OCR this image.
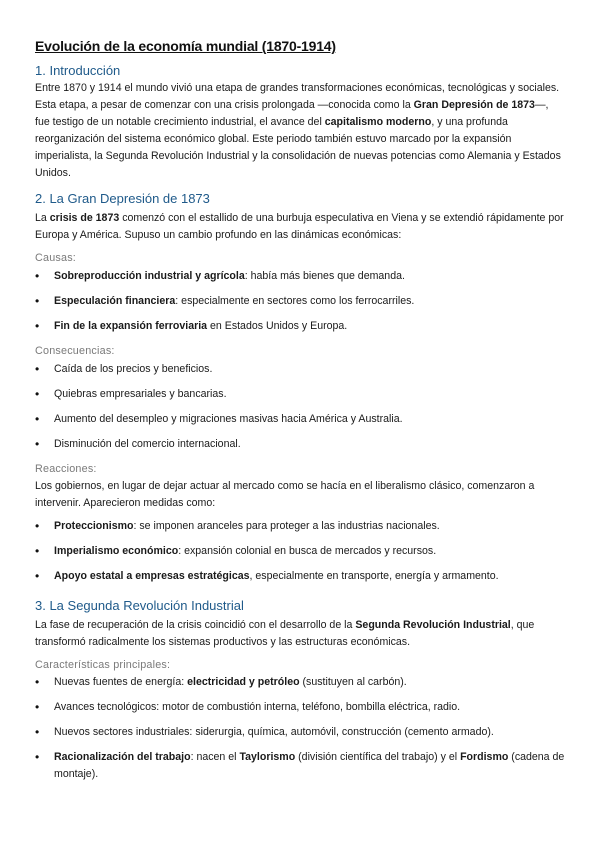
Evolución de la economía mundial (1870-1914)
1. Introducción

Entre 1870 y 1914 el mundo vivió una etapa de grandes transformaciones económicas, tecnológicas y sociales. Esta etapa, a pesar de comenzar con una crisis prolongada —conocida como la Gran Depresión de 1873—, fue testigo de un notable crecimiento industrial, el avance del capitalismo moderno, y una profunda reorganización del sistema económico global. Este periodo también estuvo marcado por la expansión imperialista, la Segunda Revolución Industrial y la consolidación de nuevas potencias como Alemania y Estados Unidos.

2. La Gran Depresión de 1873

La crisis de 1873 comenzó con el estallido de una burbuja especulativa en Viena y se extendió rápidamente por Europa y América. Supuso un cambio profundo en las dinámicas económicas:

Causas:
• Sobreproducción industrial y agrícola: había más bienes que demanda.
• Especulación financiera: especialmente en sectores como los ferrocarriles.
• Fin de la expansión ferroviaria en Estados Unidos y Europa.
Consecuencias:
• Caída de los precios y beneficios.
• Quiebras empresariales y bancarias.
• Aumento del desempleo y migraciones masivas hacia América y Australia.
• Disminución del comercio internacional.
Reacciones:

Los gobiernos, en lugar de dejar actuar al mercado como se hacía en el liberalismo clásico, comenzaron a intervenir. Aparecieron medidas como:

• Proteccionismo: se imponen aranceles para proteger a las industrias nacionales.
• Imperialismo económico: expansión colonial en busca de mercados y recursos.
• Apoyo estatal a empresas estratégicas, especialmente en transporte, energía y armamento.
3. La Segunda Revolución Industrial

La fase de recuperación de la crisis coincidió con el desarrollo de la Segunda Revolución Industrial, que transformó radicalmente los sistemas productivos y las estructuras económicas.

Características principales:
• Nuevas fuentes de energía: electricidad y petróleo (sustituyen al carbón).
• Avances tecnológicos: motor de combustión interna, teléfono, bombilla eléctrica, radio.
• Nuevos sectores industriales: siderurgia, química, automóvil, construcción (cemento armado).
• Racionalización del trabajo: nacen el Taylorismo (división científica del trabajo) y el Fordismo (cadena de montaje).
